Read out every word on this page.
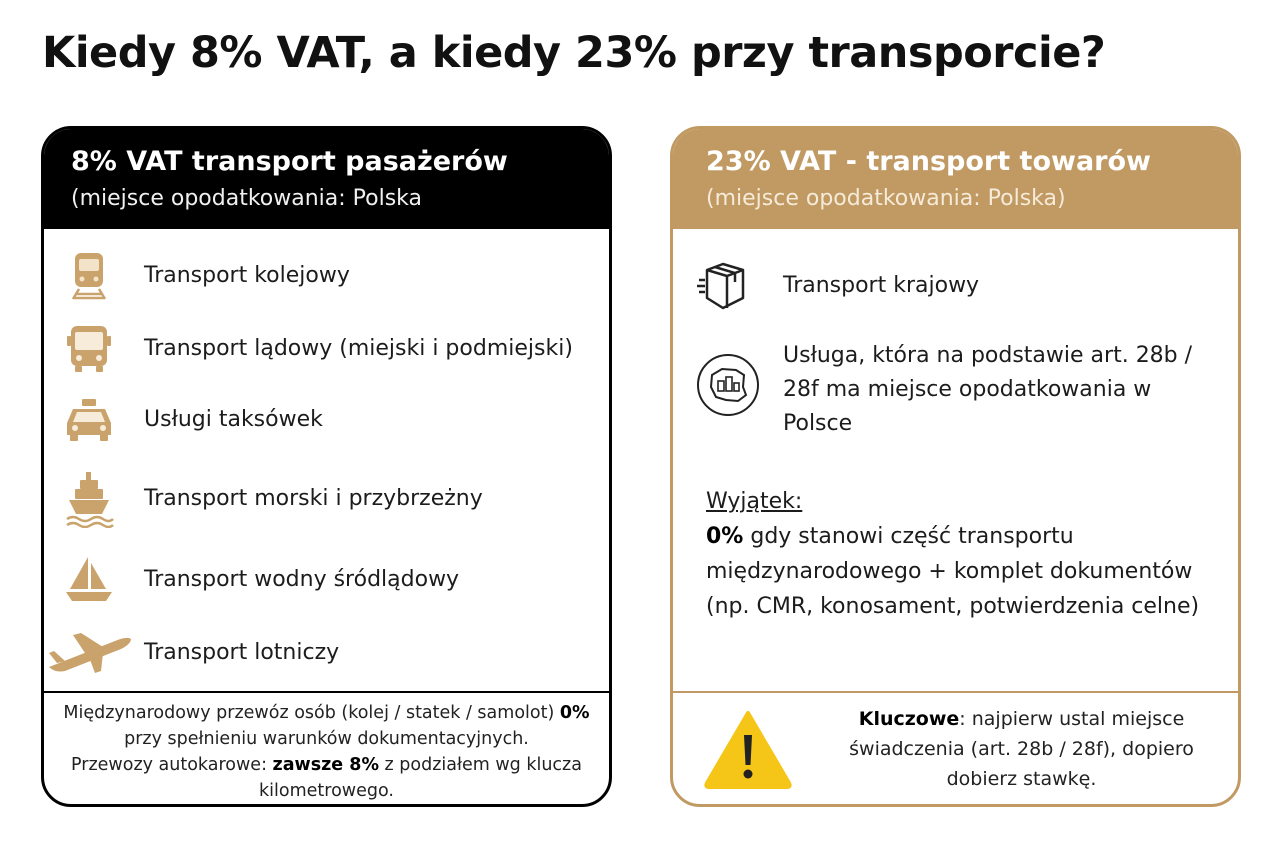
Kiedy 8% VAT, a kiedy 23% przy transporcie?
8% VAT transport pasażerów
(miejsce opodatkowania: Polska
Transport kolejowy
Transport lądowy (miejski i podmiejski)
Usługi taksówek
Transport morski i przybrzeżny
Transport wodny śródlądowy
Transport lotniczy
Międzynarodowy przewóz osób (kolej / statek / samolot) 0% przy spełnieniu warunków dokumentacyjnych.
Przewozy autokarowe: zawsze 8% z podziałem wg klucza kilometrowego.
23% VAT - transport towarów
(miejsce opodatkowania: Polska)
Transport krajowy
Usługa, która na podstawie art. 28b / 28f ma miejsce opodatkowania w Polsce
Wyjątek:
0% gdy stanowi część transportu międzynarodowego + komplet dokumentów (np. CMR, konosament, potwierdzenia celne)
Kluczowe: najpierw ustal miejsce świadczenia (art. 28b / 28f), dopiero dobierz stawkę.
